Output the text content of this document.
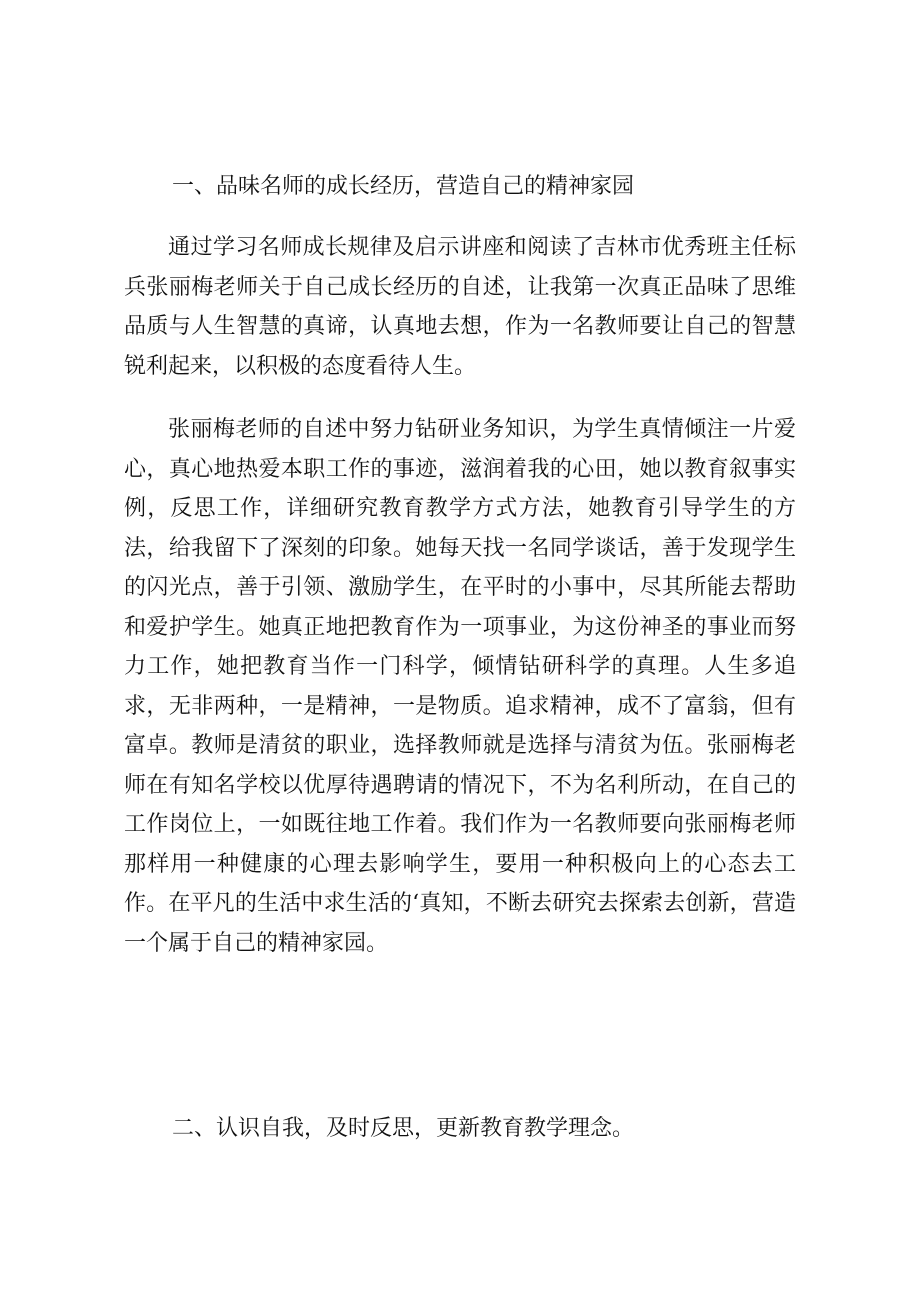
一、品味名师的成长经历，营造自己的精神家园

通过学习名师成长规律及启示讲座和阅读了吉林市优秀班主任标兵张丽梅老师关于自己成长经历的自述，让我第一次真正品味了思维品质与人生智慧的真谛，认真地去想，作为一名教师要让自己的智慧锐利起来，以积极的态度看待人生。

张丽梅老师的自述中努力钻研业务知识，为学生真情倾注一片爱心，真心地热爱本职工作的事迹，滋润着我的心田，她以教育叙事实例，反思工作，详细研究教育教学方式方法，她教育引导学生的方法，给我留下了深刻的印象。她每天找一名同学谈话，善于发现学生的闪光点，善于引领、激励学生，在平时的小事中，尽其所能去帮助和爱护学生。她真正地把教育作为一项事业，为这份神圣的事业而努力工作，她把教育当作一门科学，倾情钻研科学的真理。人生多追求，无非两种，一是精神，一是物质。追求精神，成不了富翁，但有富卓。教师是清贫的职业，选择教师就是选择与清贫为伍。张丽梅老师在有知名学校以优厚待遇聘请的情况下，不为名利所动，在自己的工作岗位上，一如既往地工作着。我们作为一名教师要向张丽梅老师那样用一种健康的心理去影响学生，要用一种积极向上的心态去工作。在平凡的生活中求生活的‘真知，不断去研究去探索去创新，营造一个属于自己的精神家园。

二、认识自我，及时反思，更新教育教学理念。
